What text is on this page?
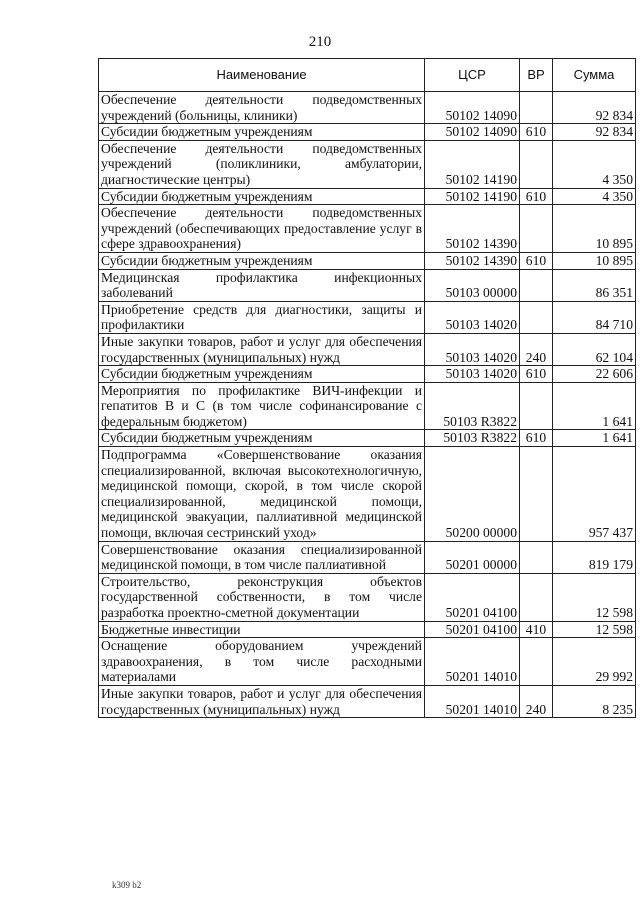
210
Наименование	ЦСР	ВР	Сумма
Обеспечение деятельности подведомственных учреждений (больницы, клиники)	50102 14090		92 834
Субсидии бюджетным учреждениям	50102 14090	610	92 834
Обеспечение деятельности подведомственных учреждений (поликлиники, амбулатории, диагностические центры)	50102 14190		4 350
Субсидии бюджетным учреждениям	50102 14190	610	4 350
Обеспечение деятельности подведомственных учреждений (обеспечивающих предоставление услуг в сфере здравоохранения)	50102 14390		10 895
Субсидии бюджетным учреждениям	50102 14390	610	10 895
Медицинская профилактика инфекционных заболеваний	50103 00000		86 351
Приобретение средств для диагностики, защиты и профилактики	50103 14020		84 710
Иные закупки товаров, работ и услуг для обеспечения государственных (муниципальных) нужд	50103 14020	240	62 104
Субсидии бюджетным учреждениям	50103 14020	610	22 606
Мероприятия по профилактике ВИЧ-инфекции и гепатитов В и С (в том числе софинансирование с федеральным бюджетом)	50103 R3822		1 641
Субсидии бюджетным учреждениям	50103 R3822	610	1 641
Подпрограмма «Совершенствование оказания специализированной, включая высокотехнологичную, медицинской помощи, скорой, в том числе скорой специализированной, медицинской помощи, медицинской эвакуации, паллиативной медицинской помощи, включая сестринский уход»	50200 00000		957 437
Совершенствование оказания специализированной медицинской помощи, в том числе паллиативной	50201 00000		819 179
Строительство, реконструкция объектов государственной собственности, в том числе разработка проектно-сметной документации	50201 04100		12 598
Бюджетные инвестиции	50201 04100	410	12 598
Оснащение оборудованием учреждений здравоохранения, в том числе расходными материалами	50201 14010		29 992
Иные закупки товаров, работ и услуг для обеспечения государственных (муниципальных) нужд	50201 14010	240	8 235
k309 b2
